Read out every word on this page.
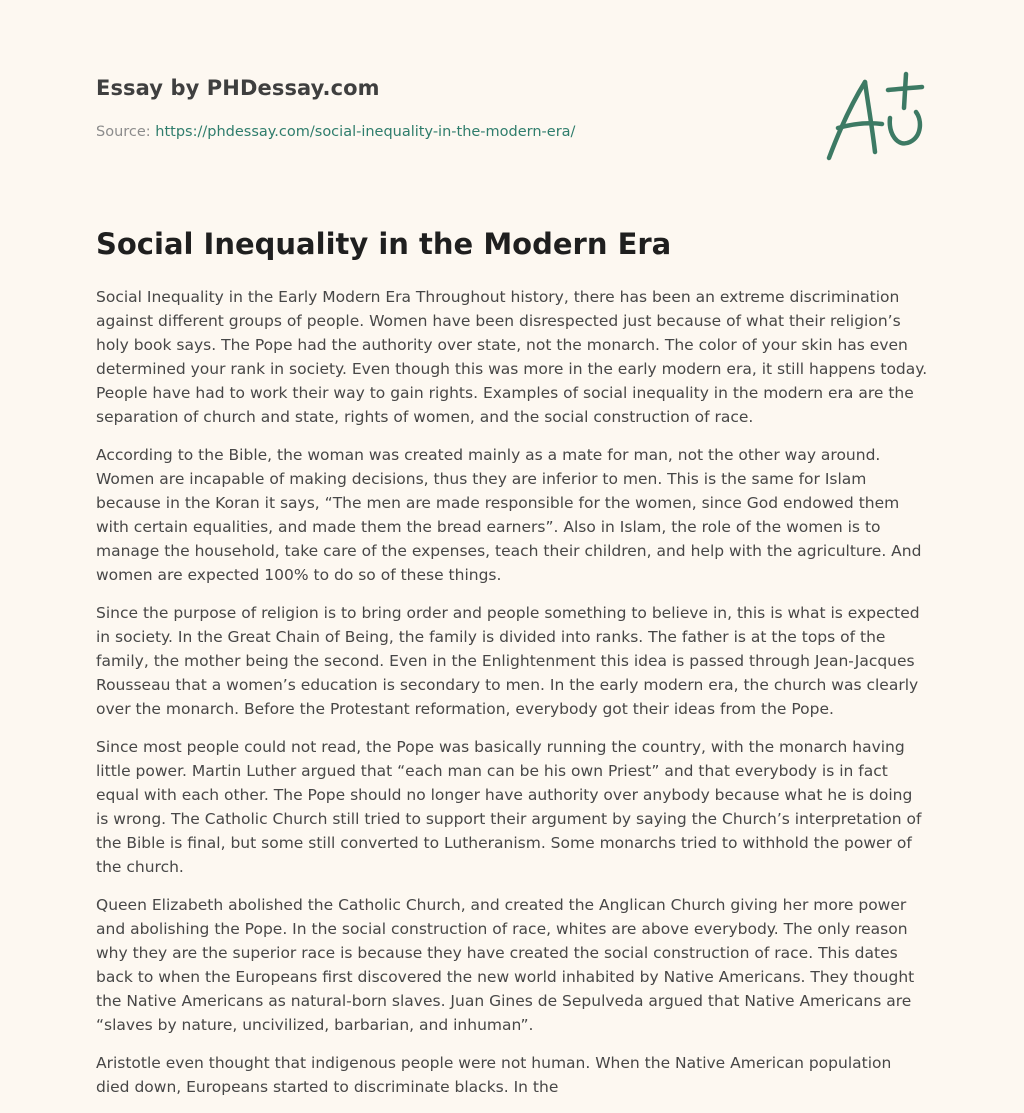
Essay by PHDessay.com
Source: https://phdessay.com/social-inequality-in-the-modern-era/
Social Inequality in the Modern Era

Social Inequality in the Early Modern Era Throughout history, there has been an extreme discrimination against different groups of people. Women have been disrespected just because of what their religion’s holy book says. The Pope had the authority over state, not the monarch. The color of your skin has even determined your rank in society. Even though this was more in the early modern era, it still happens today. People have had to work their way to gain rights. Examples of social inequality in the modern era are the separation of church and state, rights of women, and the social construction of race.

According to the Bible, the woman was created mainly as a mate for man, not the other way around. Women are incapable of making decisions, thus they are inferior to men. This is the same for Islam because in the Koran it says, “The men are made responsible for the women, since God endowed them with certain equalities, and made them the bread earners”. Also in Islam, the role of the women is to manage the household, take care of the expenses, teach their children, and help with the agriculture. And women are expected 100% to do so of these things.

Since the purpose of religion is to bring order and people something to believe in, this is what is expected in society. In the Great Chain of Being, the family is divided into ranks. The father is at the tops of the family, the mother being the second. Even in the Enlightenment this idea is passed through Jean-Jacques Rousseau that a women’s education is secondary to men. In the early modern era, the church was clearly over the monarch. Before the Protestant reformation, everybody got their ideas from the Pope.

Since most people could not read, the Pope was basically running the country, with the monarch having little power. Martin Luther argued that “each man can be his own Priest” and that everybody is in fact equal with each other. The Pope should no longer have authority over anybody because what he is doing is wrong. The Catholic Church still tried to support their argument by saying the Church’s interpretation of the Bible is final, but some still converted to Lutheranism. Some monarchs tried to withhold the power of the church.

Queen Elizabeth abolished the Catholic Church, and created the Anglican Church giving her more power and abolishing the Pope. In the social construction of race, whites are above everybody. The only reason why they are the superior race is because they have created the social construction of race. This dates back to when the Europeans first discovered the new world inhabited by Native Americans. They thought the Native Americans as natural-born slaves. Juan Gines de Sepulveda argued that Native Americans are “slaves by nature, uncivilized, barbarian, and inhuman”.

Aristotle even thought that indigenous people were not human. When the Native American population died down, Europeans started to discriminate blacks. In the
